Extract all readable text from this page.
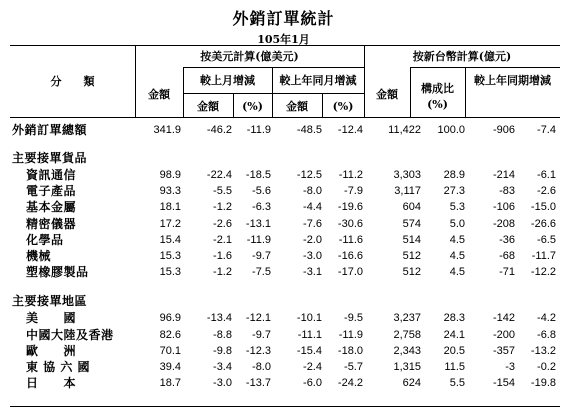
外銷訂單統計
105年1月
分　　類
按美元計算(億美元)	按新台幣計算(億元)
金額
較上月增減	較上年同月增減
金額	(%)	金額	(%)
金額	構成比
(%)
較上年同期增減
外銷訂單總額	341.9	-46.2	-11.9	-48.5	-12.4	11,422	100.0	-906	-7.4
主要接單貨品
資訊通信	98.9	-22.4	-18.5	-12.5	-11.2	3,303	28.9	-214	-6.1
電子產品	93.3	-5.5	-5.6	-8.0	-7.9	3,117	27.3	-83	-2.6
基本金屬	18.1	-1.2	-6.3	-4.4	-19.6	604	5.3	-106	-15.0
精密儀器	17.2	-2.6	-13.1	-7.6	-30.6	574	5.0	-208	-26.6
化學品	15.4	-2.1	-11.9	-2.0	-11.6	514	4.5	-36	-6.5
機械	15.3	-1.6	-9.7	-3.0	-16.6	512	4.5	-68	-11.7
塑橡膠製品	15.3	-1.2	-7.5	-3.1	-17.0	512	4.5	-71	-12.2
主要接單地區
美　　國	96.9	-13.4	-12.1	-10.1	-9.5	3,237	28.3	-142	-4.2
中國大陸及香港	82.6	-8.8	-9.7	-11.1	-11.9	2,758	24.1	-200	-6.8
歐　　洲	70.1	-9.8	-12.3	-15.4	-18.0	2,343	20.5	-357	-13.2
東 協 六 國	39.4	-3.4	-8.0	-2.4	-5.7	1,315	11.5	-3	-0.2
日　　本	18.7	-3.0	-13.7	-6.0	-24.2	624	5.5	-154	-19.8
